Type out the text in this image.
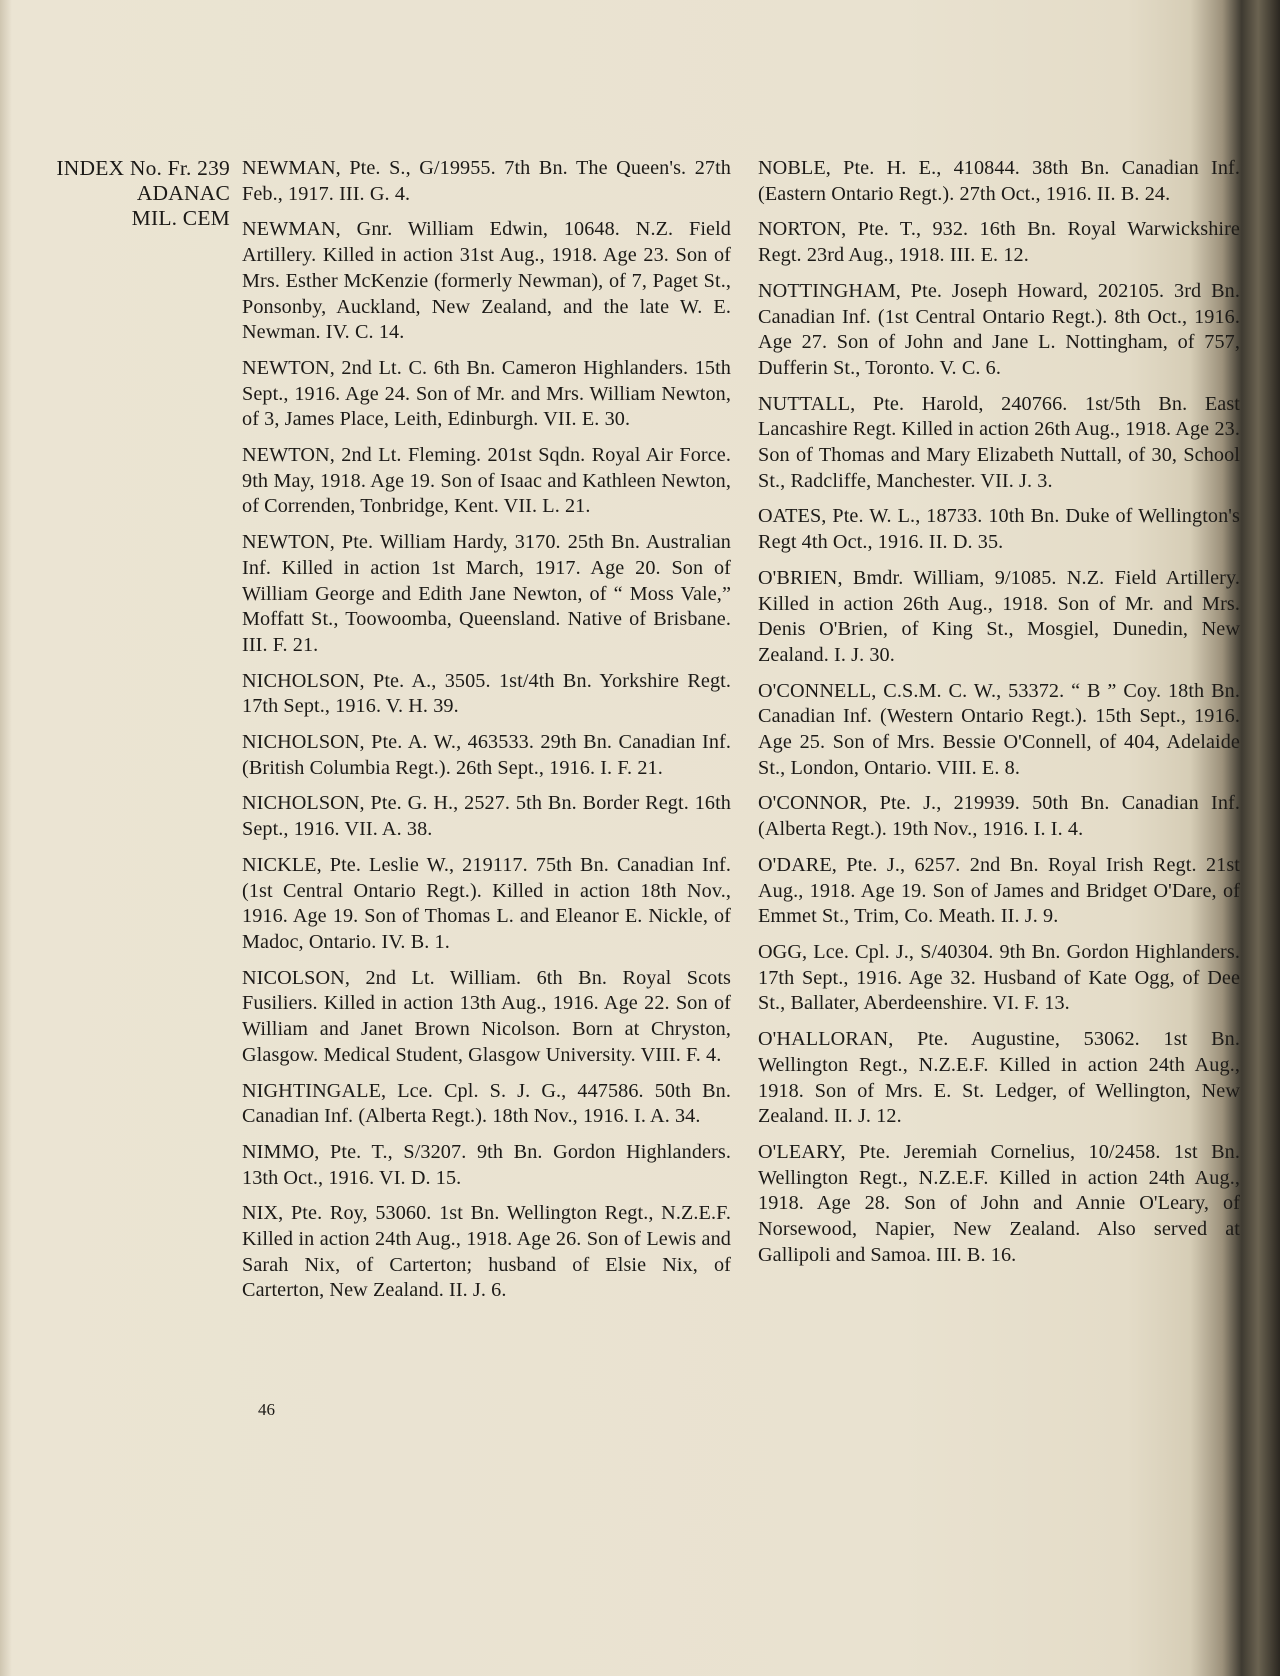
INDEX No. Fr. 239
ADANAC
MIL. CEM

NEWMAN, Pte. S., G/19955. 7th Bn. The Queen's. 27th Feb., 1917. III. G. 4.

NEWMAN, Gnr. William Edwin, 10648. N.Z. Field Artillery. Killed in action 31st Aug., 1918. Age 23. Son of Mrs. Esther McKenzie (formerly Newman), of 7, Paget St., Ponsonby, Auckland, New Zealand, and the late W. E. Newman. IV. C. 14.

NEWTON, 2nd Lt. C. 6th Bn. Cameron Highlanders. 15th Sept., 1916. Age 24. Son of Mr. and Mrs. William Newton, of 3, James Place, Leith, Edinburgh. VII. E. 30.

NEWTON, 2nd Lt. Fleming. 201st Sqdn. Royal Air Force. 9th May, 1918. Age 19. Son of Isaac and Kathleen Newton, of Correnden, Tonbridge, Kent. VII. L. 21.

NEWTON, Pte. William Hardy, 3170. 25th Bn. Australian Inf. Killed in action 1st March, 1917. Age 20. Son of William George and Edith Jane Newton, of “ Moss Vale,” Moffatt St., Toowoomba, Queensland. Native of Brisbane. III. F. 21.

NICHOLSON, Pte. A., 3505. 1st/4th Bn. Yorkshire Regt. 17th Sept., 1916. V. H. 39.

NICHOLSON, Pte. A. W., 463533. 29th Bn. Canadian Inf. (British Columbia Regt.). 26th Sept., 1916. I. F. 21.

NICHOLSON, Pte. G. H., 2527. 5th Bn. Border Regt. 16th Sept., 1916. VII. A. 38.

NICKLE, Pte. Leslie W., 219117. 75th Bn. Canadian Inf. (1st Central Ontario Regt.). Killed in action 18th Nov., 1916. Age 19. Son of Thomas L. and Eleanor E. Nickle, of Madoc, Ontario. IV. B. 1.

NICOLSON, 2nd Lt. William. 6th Bn. Royal Scots Fusiliers. Killed in action 13th Aug., 1916. Age 22. Son of William and Janet Brown Nicolson. Born at Chryston, Glasgow. Medical Student, Glasgow University. VIII. F. 4.

NIGHTINGALE, Lce. Cpl. S. J. G., 447586. 50th Bn. Canadian Inf. (Alberta Regt.). 18th Nov., 1916. I. A. 34.

NIMMO, Pte. T., S/3207. 9th Bn. Gordon Highlanders. 13th Oct., 1916. VI. D. 15.

NIX, Pte. Roy, 53060. 1st Bn. Wellington Regt., N.Z.E.F. Killed in action 24th Aug., 1918. Age 26. Son of Lewis and Sarah Nix, of Carterton; husband of Elsie Nix, of Carterton, New Zealand. II. J. 6.

NOBLE, Pte. H. E., 410844. 38th Bn. Canadian Inf. (Eastern Ontario Regt.). 27th Oct., 1916. II. B. 24.

NORTON, Pte. T., 932. 16th Bn. Royal Warwickshire Regt. 23rd Aug., 1918. III. E. 12.

NOTTINGHAM, Pte. Joseph Howard, 202105. 3rd Bn. Canadian Inf. (1st Central Ontario Regt.). 8th Oct., 1916. Age 27. Son of John and Jane L. Nottingham, of 757, Dufferin St., Toronto. V. C. 6.

NUTTALL, Pte. Harold, 240766. 1st/5th Bn. East Lancashire Regt. Killed in action 26th Aug., 1918. Age 23. Son of Thomas and Mary Elizabeth Nuttall, of 30, School St., Radcliffe, Manchester. VII. J. 3.

OATES, Pte. W. L., 18733. 10th Bn. Duke of Wellington's Regt 4th Oct., 1916. II. D. 35.

O'BRIEN, Bmdr. William, 9/1085. N.Z. Field Artillery. Killed in action 26th Aug., 1918. Son of Mr. and Mrs. Denis O'Brien, of King St., Mosgiel, Dunedin, New Zealand. I. J. 30.

O'CONNELL, C.S.M. C. W., 53372. “ B ” Coy. 18th Bn. Canadian Inf. (Western Ontario Regt.). 15th Sept., 1916. Age 25. Son of Mrs. Bessie O'Connell, of 404, Adelaide St., London, Ontario. VIII. E. 8.

O'CONNOR, Pte. J., 219939. 50th Bn. Canadian Inf. (Alberta Regt.). 19th Nov., 1916. I. I. 4.

O'DARE, Pte. J., 6257. 2nd Bn. Royal Irish Regt. 21st Aug., 1918. Age 19. Son of James and Bridget O'Dare, of Emmet St., Trim, Co. Meath. II. J. 9.

OGG, Lce. Cpl. J., S/40304. 9th Bn. Gordon Highlanders. 17th Sept., 1916. Age 32. Husband of Kate Ogg, of Dee St., Ballater, Aberdeenshire. VI. F. 13.

O'HALLORAN, Pte. Augustine, 53062. 1st Bn. Wellington Regt., N.Z.E.F. Killed in action 24th Aug., 1918. Son of Mrs. E. St. Ledger, of Wellington, New Zealand. II. J. 12.

O'LEARY, Pte. Jeremiah Cornelius, 10/2458. 1st Bn. Wellington Regt., N.Z.E.F. Killed in action 24th Aug., 1918. Age 28. Son of John and Annie O'Leary, of Norsewood, Napier, New Zealand. Also served at Gallipoli and Samoa. III. B. 16.

46
